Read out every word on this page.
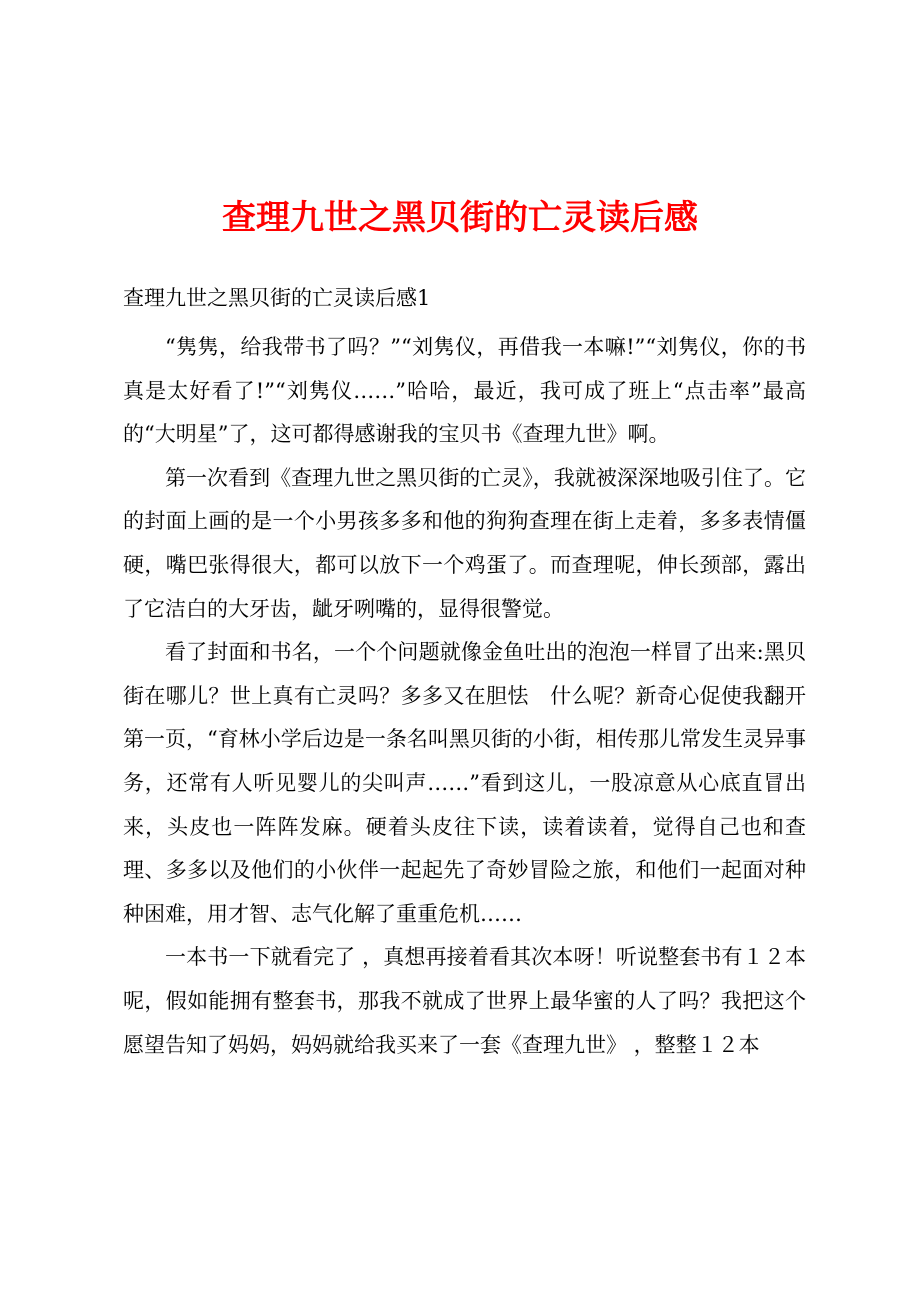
查理九世之黑贝街的亡灵读后感
查理九世之黑贝街的亡灵读后感1

“隽隽，给我带书了吗？”“刘隽仪，再借我一本嘛!”“刘隽仪，你的书真是太好看了!”“刘隽仪……”哈哈，最近，我可成了班上“点击率”最高的“大明星”了，这可都得感谢我的宝贝书《查理九世》啊。

第一次看到《查理九世之黑贝街的亡灵》，我就被深深地吸引住了。它的封面上画的是一个小男孩多多和他的狗狗查理在街上走着，多多表情僵硬，嘴巴张得很大，都可以放下一个鸡蛋了。而查理呢，伸长颈部，露出了它洁白的大牙齿，龇牙咧嘴的，显得很警觉。

看了封面和书名，一个个问题就像金鱼吐出的泡泡一样冒了出来:黑贝街在哪儿？世上真有亡灵吗？多多又在胆怯　什么呢？新奇心促使我翻开第一页，“育林小学后边是一条名叫黑贝街的小街，相传那儿常发生灵异事务，还常有人听见婴儿的尖叫声……”看到这儿，一股凉意从心底直冒出来，头皮也一阵阵发麻。硬着头皮往下读，读着读着，觉得自己也和查理、多多以及他们的小伙伴一起起先了奇妙冒险之旅，和他们一起面对种种困难，用才智、志气化解了重重危机……

一本书一下就看完了 ，真想再接着看其次本呀！听说整套书有１２本呢，假如能拥有整套书，那我不就成了世界上最华蜜的人了吗？我把这个愿望告知了妈妈，妈妈就给我买来了一套《查理九世》 ，整整１２本
